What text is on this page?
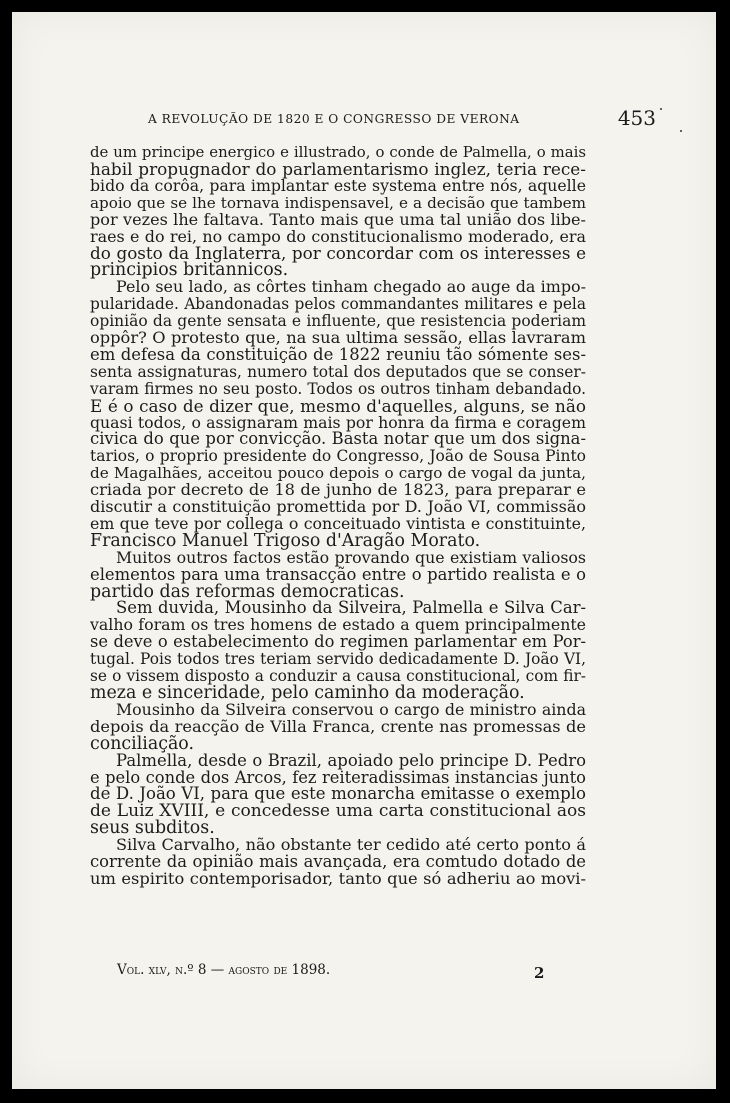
A REVOLUÇÃO DE 1820 E O CONGRESSO DE VERONA	453
de um principe energico e illustrado, o conde de Palmella, o mais
habil propugnador do parlamentarismo inglez, teria rece-
bido da corôa, para implantar este systema entre nós, aquelle
apoio que se lhe tornava indispensavel, e a decisão que tambem
por vezes lhe faltava. Tanto mais que uma tal união dos libe-
raes e do rei, no campo do constitucionalismo moderado, era
do gosto da Inglaterra, por concordar com os interesses e
principios britannicos.
Pelo seu lado, as côrtes tinham chegado ao auge da impo-
pularidade. Abandonadas pelos commandantes militares e pela
opinião da gente sensata e influente, que resistencia poderiam
oppôr? O protesto que, na sua ultima sessão, ellas lavraram
em defesa da constituição de 1822 reuniu tão sómente ses-
senta assignaturas, numero total dos deputados que se conser-
varam firmes no seu posto. Todos os outros tinham debandado.
E é o caso de dizer que, mesmo d'aquelles, alguns, se não
quasi todos, o assignaram mais por honra da firma e coragem
civica do que por convicção. Basta notar que um dos signa-
tarios, o proprio presidente do Congresso, João de Sousa Pinto
de Magalhães, acceitou pouco depois o cargo de vogal da junta,
criada por decreto de 18 de junho de 1823, para preparar e
discutir a constituição promettida por D. João VI, commissão
em que teve por collega o conceituado vintista e constituinte,
Francisco Manuel Trigoso d'Aragão Morato.
Muitos outros factos estão provando que existiam valiosos
elementos para uma transacção entre o partido realista e o
partido das reformas democraticas.
Sem duvida, Mousinho da Silveira, Palmella e Silva Car-
valho foram os tres homens de estado a quem principalmente
se deve o estabelecimento do regimen parlamentar em Por-
tugal. Pois todos tres teriam servido dedicadamente D. João VI,
se o vissem disposto a conduzir a causa constitucional, com fir-
meza e sinceridade, pelo caminho da moderação.
Mousinho da Silveira conservou o cargo de ministro ainda
depois da reacção de Villa Franca, crente nas promessas de
conciliação.
Palmella, desde o Brazil, apoiado pelo principe D. Pedro
e pelo conde dos Arcos, fez reiteradissimas instancias junto
de D. João VI, para que este monarcha emitasse o exemplo
de Luiz XVIII, e concedesse uma carta constitucional aos
seus subditos.
Silva Carvalho, não obstante ter cedido até certo ponto á
corrente da opinião mais avançada, era comtudo dotado de
um espirito contemporisador, tanto que só adheriu ao movi-
Vol. xlv, n.º 8 — agosto de 1898.	2
